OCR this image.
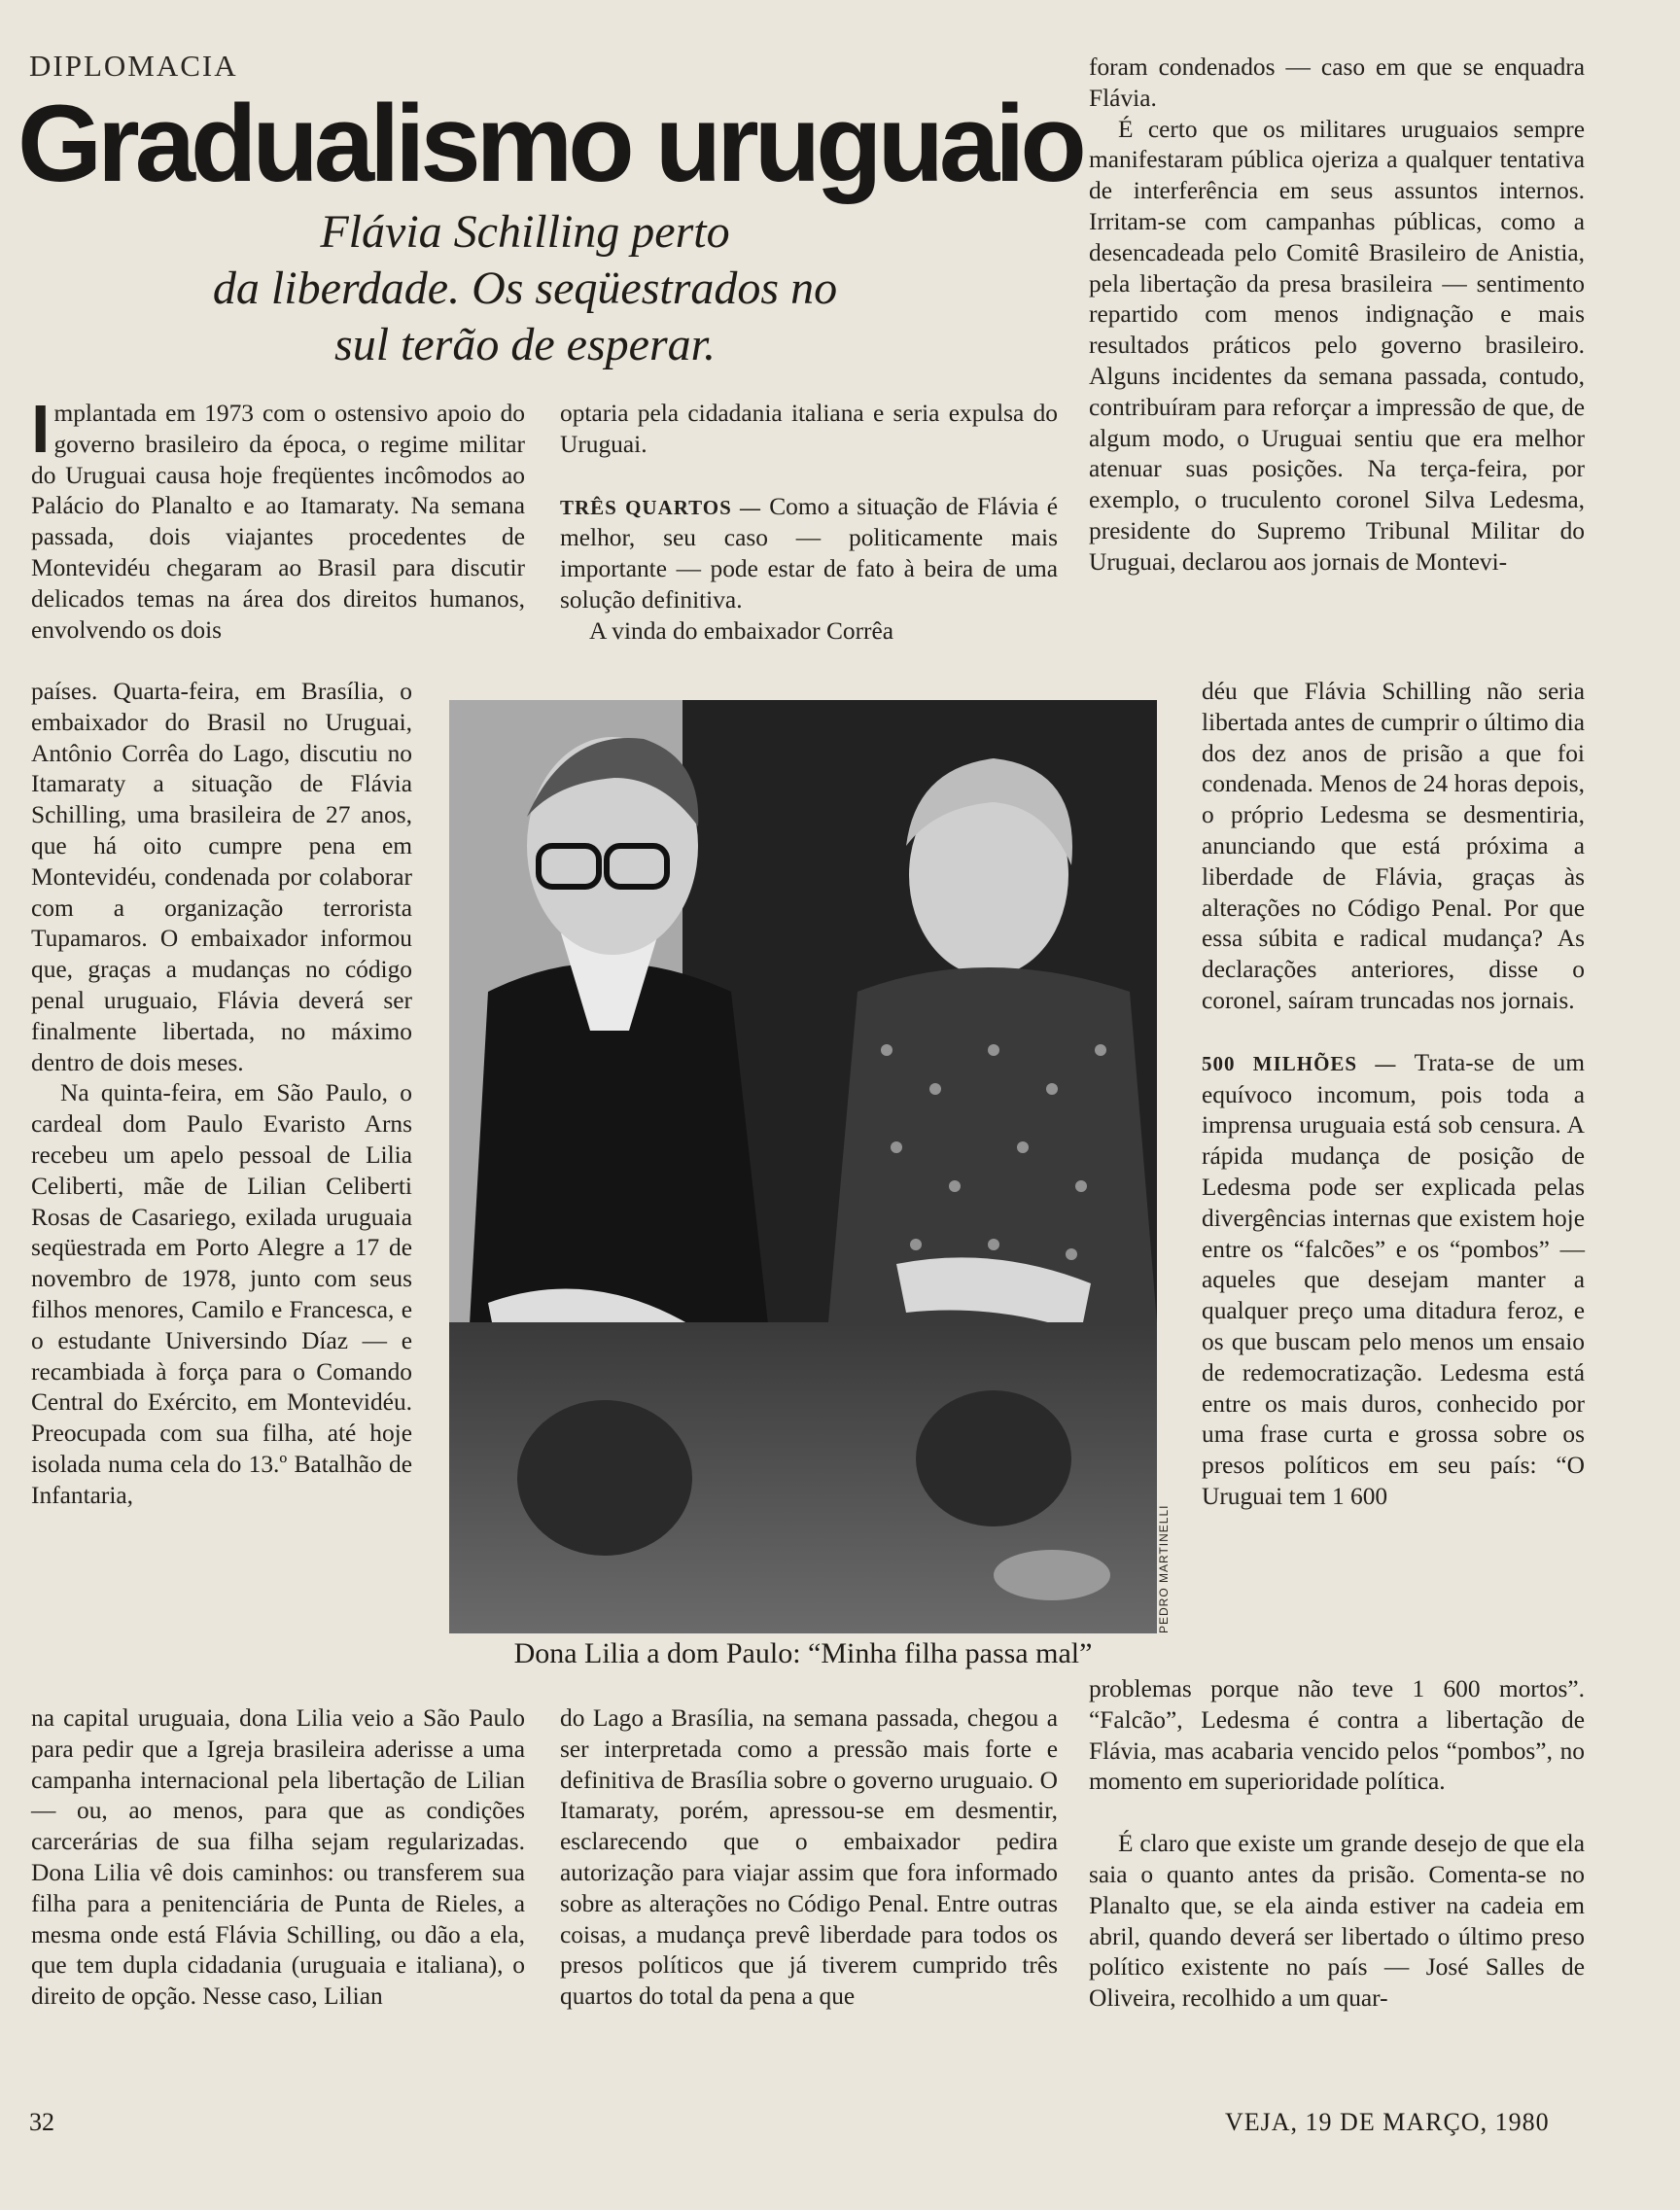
DIPLOMACIA
Gradualismo uruguaio
Flávia Schilling perto
da liberdade. Os seqüestrados no
sul terão de esperar.

Implantada em 1973 com o ostensivo apoio do governo brasileiro da época, o regime militar do Uruguai causa hoje freqüentes incômodos ao Palácio do Planalto e ao Itamaraty. Na semana passada, dois viajantes procedentes de Montevidéu chegaram ao Brasil para discutir delicados temas na área dos direitos humanos, envolvendo os dois

países. Quarta-feira, em Brasília, o embaixador do Brasil no Uruguai, Antônio Corrêa do Lago, discutiu no Itamaraty a situação de Flávia Schilling, uma brasileira de 27 anos, que há oito cumpre pena em Montevidéu, condenada por colaborar com a organização terrorista Tupamaros. O embaixador informou que, graças a mudanças no código penal uruguaio, Flávia deverá ser finalmente libertada, no máximo dentro de dois meses.

Na quinta-feira, em São Paulo, o cardeal dom Paulo Evaristo Arns recebeu um apelo pessoal de Lilia Celiberti, mãe de Lilian Celiberti Rosas de Casariego, exilada uruguaia seqüestrada em Porto Alegre a 17 de novembro de 1978, junto com seus filhos menores, Camilo e Francesca, e o estudante Universindo Díaz — e recambiada à força para o Comando Central do Exército, em Montevidéu. Preocupada com sua filha, até hoje isolada numa cela do 13.º Batalhão de Infantaria,

na capital uruguaia, dona Lilia veio a São Paulo para pedir que a Igreja brasileira aderisse a uma campanha internacional pela libertação de Lilian — ou, ao menos, para que as condições carcerárias de sua filha sejam regularizadas. Dona Lilia vê dois caminhos: ou transferem sua filha para a penitenciária de Punta de Rieles, a mesma onde está Flávia Schilling, ou dão a ela, que tem dupla cidadania (uruguaia e italiana), o direito de opção. Nesse caso, Lilian

optaria pela cidadania italiana e seria expulsa do Uruguai.

TRÊS QUARTOS — Como a situação de Flávia é melhor, seu caso — politicamente mais importante — pode estar de fato à beira de uma solução definitiva.

A vinda do embaixador Corrêa

do Lago a Brasília, na semana passada, chegou a ser interpretada como a pressão mais forte e definitiva de Brasília sobre o governo uruguaio. O Itamaraty, porém, apressou-se em desmentir, esclarecendo que o embaixador pedira autorização para viajar assim que fora informado sobre as alterações no Código Penal. Entre outras coisas, a mudança prevê liberdade para todos os presos políticos que já tiverem cumprido três quartos do total da pena a que

foram condenados — caso em que se enquadra Flávia.

É certo que os militares uruguaios sempre manifestaram pública ojeriza a qualquer tentativa de interferência em seus assuntos internos. Irritam-se com campanhas públicas, como a desencadeada pelo Comitê Brasileiro de Anistia, pela libertação da presa brasileira — sentimento repartido com menos indignação e mais resultados práticos pelo governo brasileiro. Alguns incidentes da semana passada, contudo, contribuíram para reforçar a impressão de que, de algum modo, o Uruguai sentiu que era melhor atenuar suas posições. Na terça-feira, por exemplo, o truculento coronel Silva Ledesma, presidente do Supremo Tribunal Militar do Uruguai, declarou aos jornais de Montevi-

déu que Flávia Schilling não seria libertada antes de cumprir o último dia dos dez anos de prisão a que foi condenada. Menos de 24 horas depois, o próprio Ledesma se desmentiria, anunciando que está próxima a liberdade de Flávia, graças às alterações no Código Penal. Por que essa súbita e radical mudança? As declarações anteriores, disse o coronel, saíram truncadas nos jornais.

500 MILHÕES — Trata-se de um equívoco incomum, pois toda a imprensa uruguaia está sob censura. A rápida mudança de posição de Ledesma pode ser explicada pelas divergências internas que existem hoje entre os “falcões” e os “pombos” — aqueles que desejam manter a qualquer preço uma ditadura feroz, e os que buscam pelo menos um ensaio de redemocratização. Ledesma está entre os mais duros, conhecido por uma frase curta e grossa sobre os presos políticos em seu país: “O Uruguai tem 1 600

problemas porque não teve 1 600 mortos”. “Falcão”, Ledesma é contra a libertação de Flávia, mas acabaria vencido pelos “pombos”, no momento em superioridade política.

É claro que existe um grande desejo de que ela saia o quanto antes da prisão. Comenta-se no Planalto que, se ela ainda estiver na cadeia em abril, quando deverá ser libertado o último preso político existente no país — José Salles de Oliveira, recolhido a um quar-

PEDRO MARTINELLI
Dona Lilia a dom Paulo: “Minha filha passa mal”
32	VEJA, 19 DE MARÇO, 1980
